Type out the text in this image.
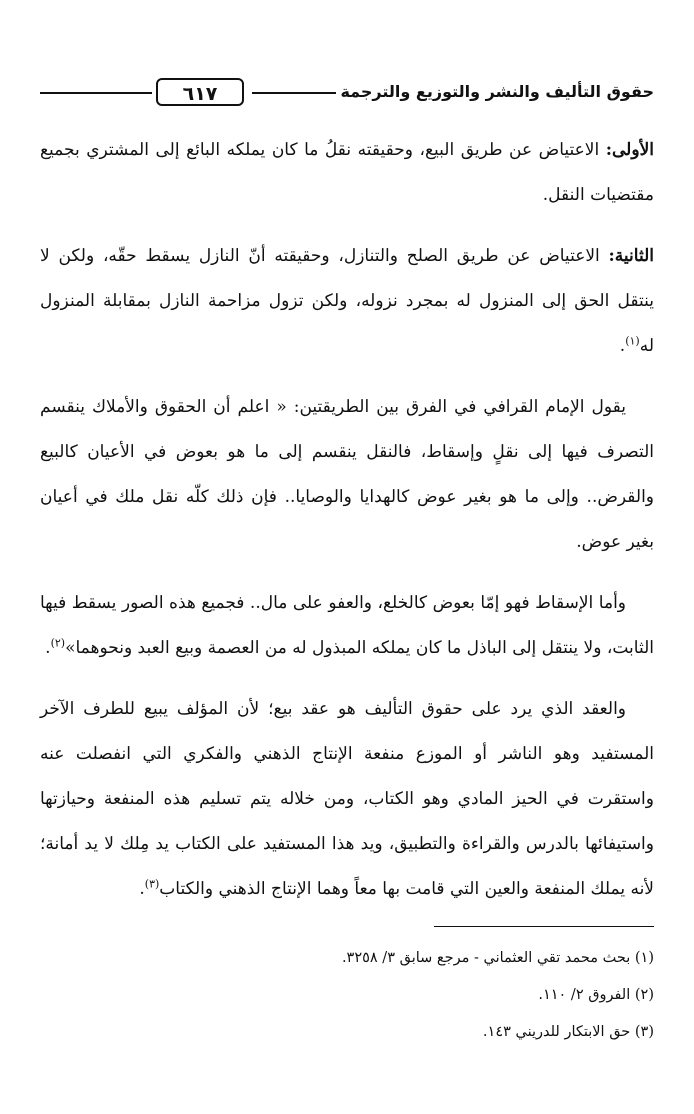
حقوق التأليف والنشر والتوزيع والترجمة
٦١٧

الأولى: الاعتياض عن طريق البيع، وحقيقته نقلُ ما كان يملكه البائع إلى المشتري بجميع مقتضيات النقل.

الثانية: الاعتياض عن طريق الصلح والتنازل، وحقيقته أنّ النازل يسقط حقّه، ولكن لا ينتقل الحق إلى المنزول له بمجرد نزوله، ولكن تزول مزاحمة النازل بمقابلة المنزول له$^{(١)}$.

يقول الإمام القرافي في الفرق بين الطريقتين: « اعلم أن الحقوق والأملاك ينقسم التصرف فيها إلى نقلٍ وإسقاط، فالنقل ينقسم إلى ما هو بعوض في الأعيان كالبيع والقرض.. وإلى ما هو بغير عوض كالهدايا والوصايا.. فإن ذلك كلّه نقل ملك في أعيان بغير عوض.

وأما الإسقاط فهو إمّا بعوض كالخلع، والعفو على مال.. فجميع هذه الصور يسقط فيها الثابت، ولا ينتقل إلى الباذل ما كان يملكه المبذول له من العصمة وبيع العبد ونحوهما»$^{(٢)}$.

والعقد الذي يرد على حقوق التأليف هو عقد بيع؛ لأن المؤلف يبيع للطرف الآخر المستفيد وهو الناشر أو الموزع منفعة الإنتاج الذهني والفكري التي انفصلت عنه واستقرت في الحيز المادي وهو الكتاب، ومن خلاله يتم تسليم هذه المنفعة وحيازتها واستيفائها بالدرس والقراءة والتطبيق، ويد هذا المستفيد على الكتاب يد مِلك لا يد أمانة؛ لأنه يملك المنفعة والعين التي قامت بها معاً وهما الإنتاج الذهني والكتاب$^{(٣)}$.

(١) بحث محمد تقي العثماني - مرجع سابق ٣/ ٣٢٥٨.
(٢) الفروق ٢/ ١١٠.
(٣) حق الابتكار للدريني ١٤٣.
